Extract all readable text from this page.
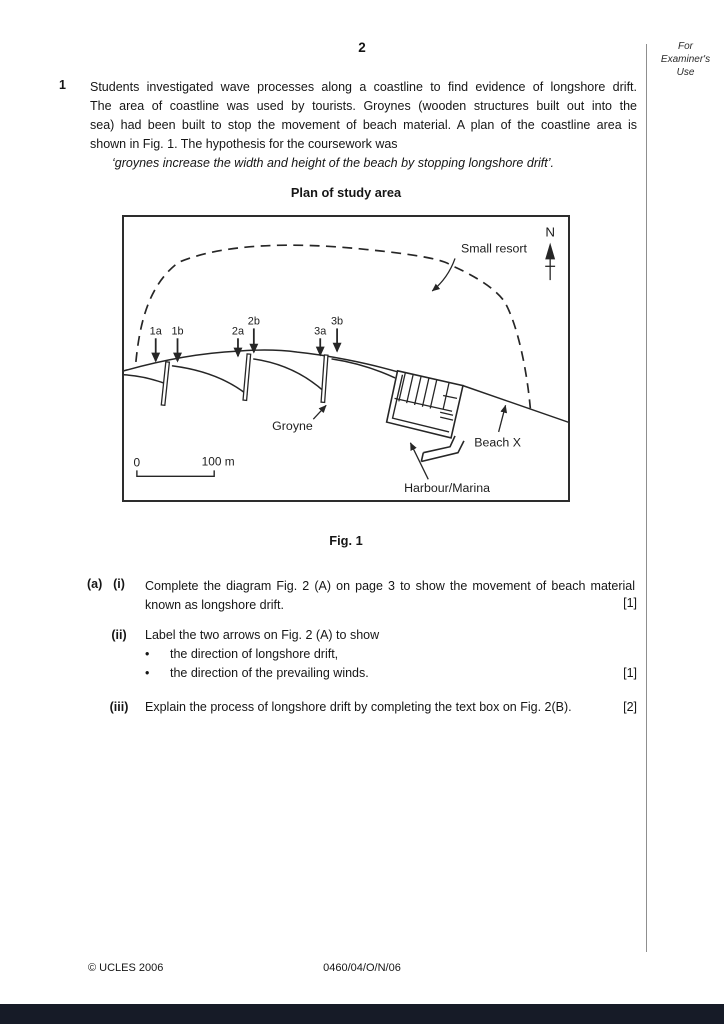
2	For
Examiner's
Use
1 Students investigated wave processes along a coastline to find evidence of longshore drift.
The area of coastline was used by tourists. Groynes (wooden structures built out into the
sea) had been built to stop the movement of beach material. A plan of the coastline area is
shown in Fig. 1. The hypothesis for the coursework was
‘groynes increase the width and height of the beach by stopping longshore drift’.
Plan of study area
N
Small resort
1a 1b	2a
2b
3a
3b
Groyne
Beach X
Harbour/Marina
0	100 m
Fig. 1
(a) (i)	Complete the diagram Fig. 2 (A) on page 3 to show the movement of beach material
known as longshore drift.	[1]
(ii)	Label the two arrows on Fig. 2 (A) to show
• the direction of longshore drift,
• the direction of the prevailing winds.	[1]
(iii)	Explain the process of longshore drift by completing the text box on Fig. 2(B).	[2]
© UCLES 2006	0460/04/O/N/06
